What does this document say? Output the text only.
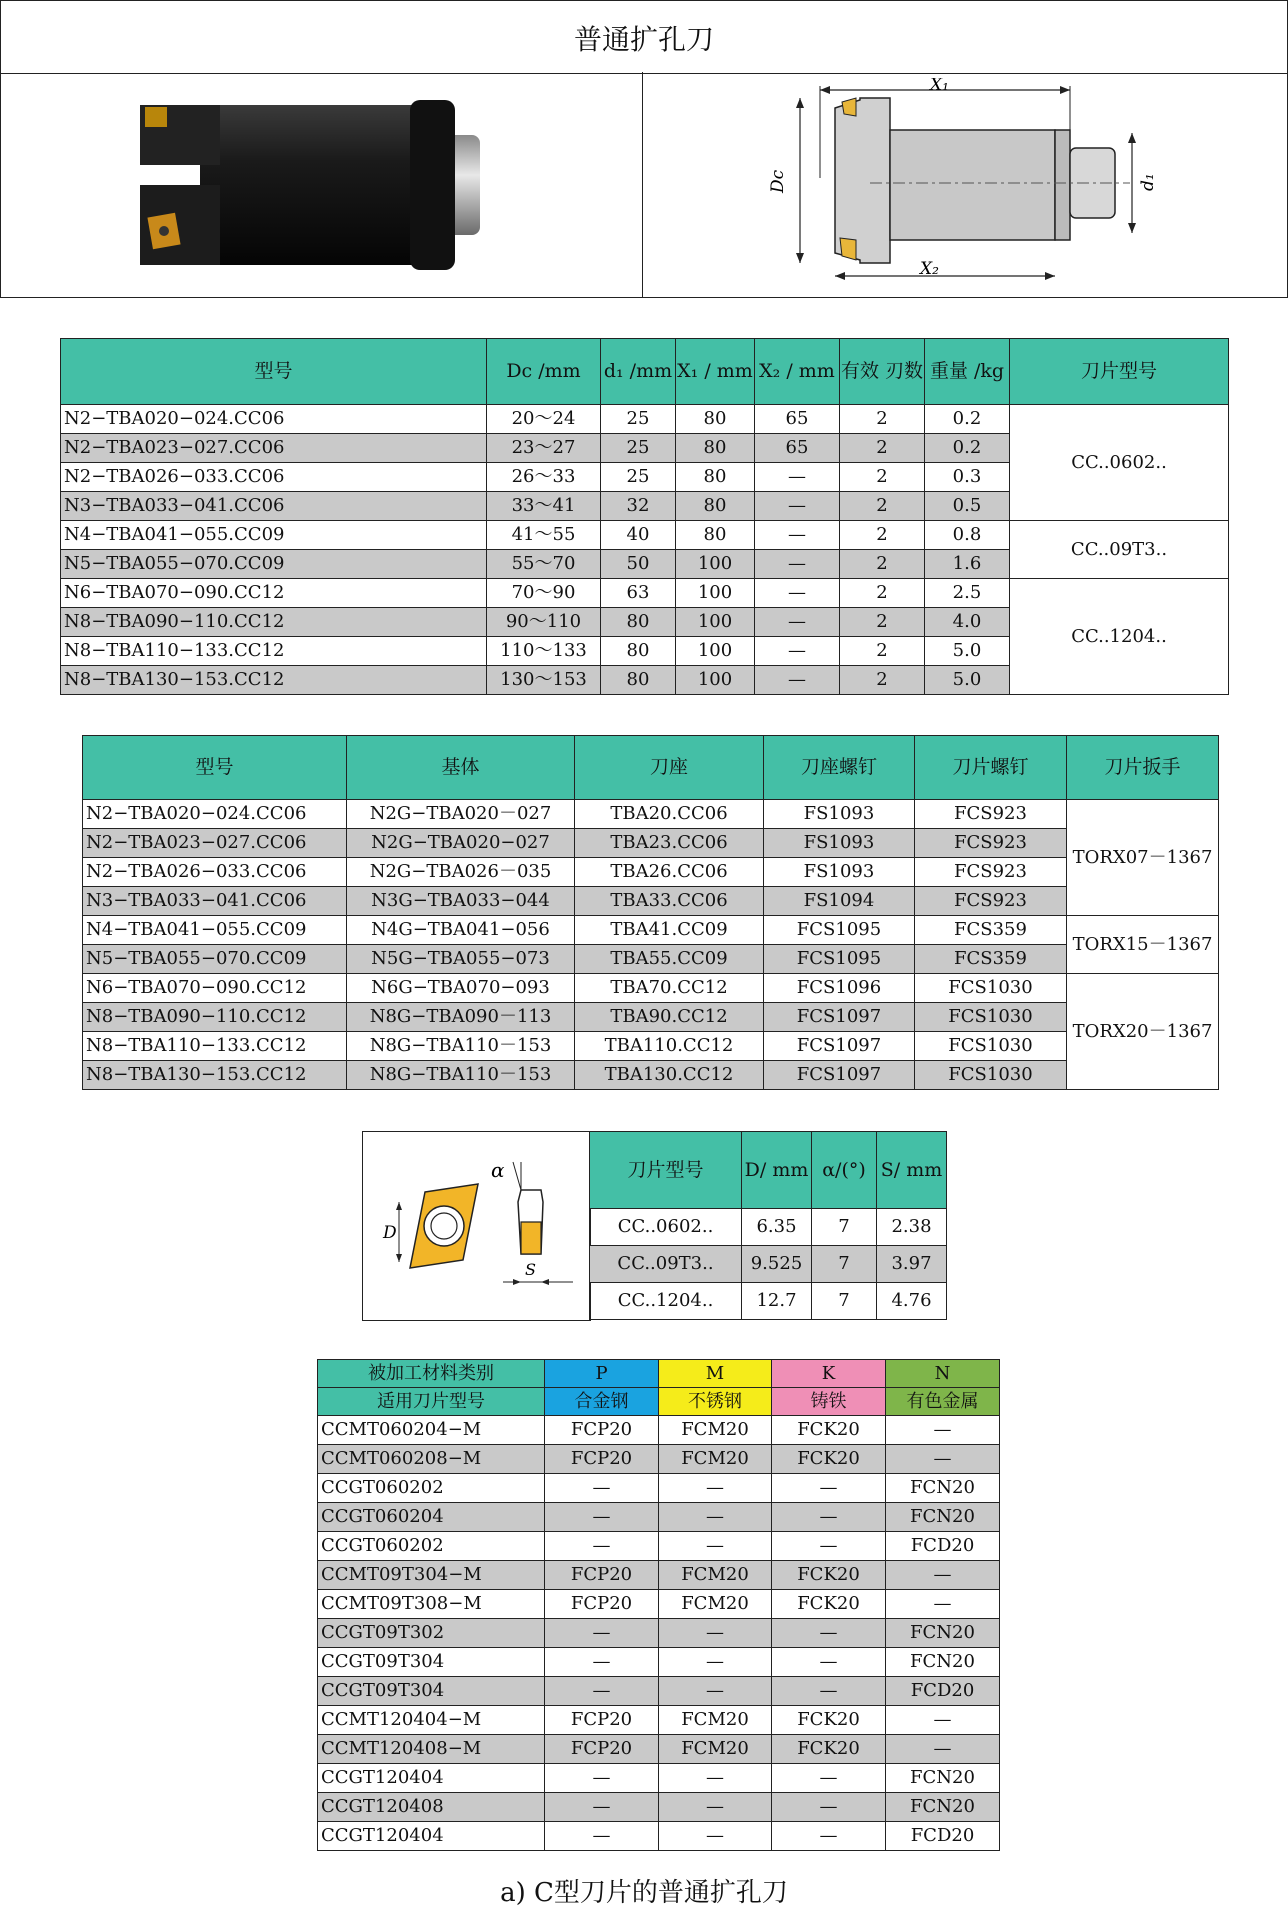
普通扩孔刀
X₁
Dc	d₁
X₂
型号	Dc /mm	d₁ /mm	X₁ / mm	X₂ / mm	有效 刃数	重量 /kg	刀片型号
N2−TBA020−024.CC06	20～24	25	80	65	2	0.2	CC..0602..
N2−TBA023−027.CC06	23～27	25	80	65	2	0.2	
N2−TBA026−033.CC06	26～33	25	80	—	2	0.3	
N3−TBA033−041.CC06	33～41	32	80	—	2	0.5	
N4−TBA041−055.CC09	41～55	40	80	—	2	0.8	CC..09T3..
N5−TBA055−070.CC09	55～70	50	100	—	2	1.6	
N6−TBA070−090.CC12	70～90	63	100	—	2	2.5	CC..1204..
N8−TBA090−110.CC12	90～110	80	100	—	2	4.0	
N8−TBA110−133.CC12	110～133	80	100	—	2	5.0	
N8−TBA130−153.CC12	130～153	80	100	—	2	5.0	
型号	基体	刀座	刀座螺钉	刀片螺钉	刀片扳手
N2−TBA020−024.CC06	N2G−TBA020－027	TBA20.CC06	FS1093	FCS923	TORX07－1367
N2−TBA023−027.CC06	N2G−TBA020−027	TBA23.CC06	FS1093	FCS923	
N2−TBA026−033.CC06	N2G−TBA026－035	TBA26.CC06	FS1093	FCS923	
N3−TBA033−041.CC06	N3G−TBA033−044	TBA33.CC06	FS1094	FCS923	
N4−TBA041−055.CC09	N4G−TBA041−056	TBA41.CC09	FCS1095	FCS359	TORX15－1367
N5−TBA055−070.CC09	N5G−TBA055−073	TBA55.CC09	FCS1095	FCS359	
N6−TBA070−090.CC12	N6G−TBA070−093	TBA70.CC12	FCS1096	FCS1030	TORX20－1367
N8−TBA090−110.CC12	N8G−TBA090－113	TBA90.CC12	FCS1097	FCS1030	
N8−TBA110−133.CC12	N8G−TBA110－153	TBA110.CC12	FCS1097	FCS1030	
N8−TBA130−153.CC12	N8G−TBA110－153	TBA130.CC12	FCS1097	FCS1030	
D
α
S
刀片型号	D/ mm	α/(°)	S/ mm
CC..0602..	6.35	7	2.38
CC..09T3..	9.525	7	3.97
CC..1204..	12.7	7	4.76
被加工材料类别	P	M	K	N
适用刀片型号	合金钢	不锈钢	铸铁	有色金属
CCMT060204−M	FCP20	FCM20	FCK20	—
CCMT060208−M	FCP20	FCM20	FCK20	—
CCGT060202	—	—	—	FCN20
CCGT060204	—	—	—	FCN20
CCGT060202	—	—	—	FCD20
CCMT09T304−M	FCP20	FCM20	FCK20	—
CCMT09T308−M	FCP20	FCM20	FCK20	—
CCGT09T302	—	—	—	FCN20
CCGT09T304	—	—	—	FCN20
CCGT09T304	—	—	—	FCD20
CCMT120404−M	FCP20	FCM20	FCK20	—
CCMT120408−M	FCP20	FCM20	FCK20	—
CCGT120404	—	—	—	FCN20
CCGT120408	—	—	—	FCN20
CCGT120404	—	—	—	FCD20
a) C型刀片的普通扩孔刀
